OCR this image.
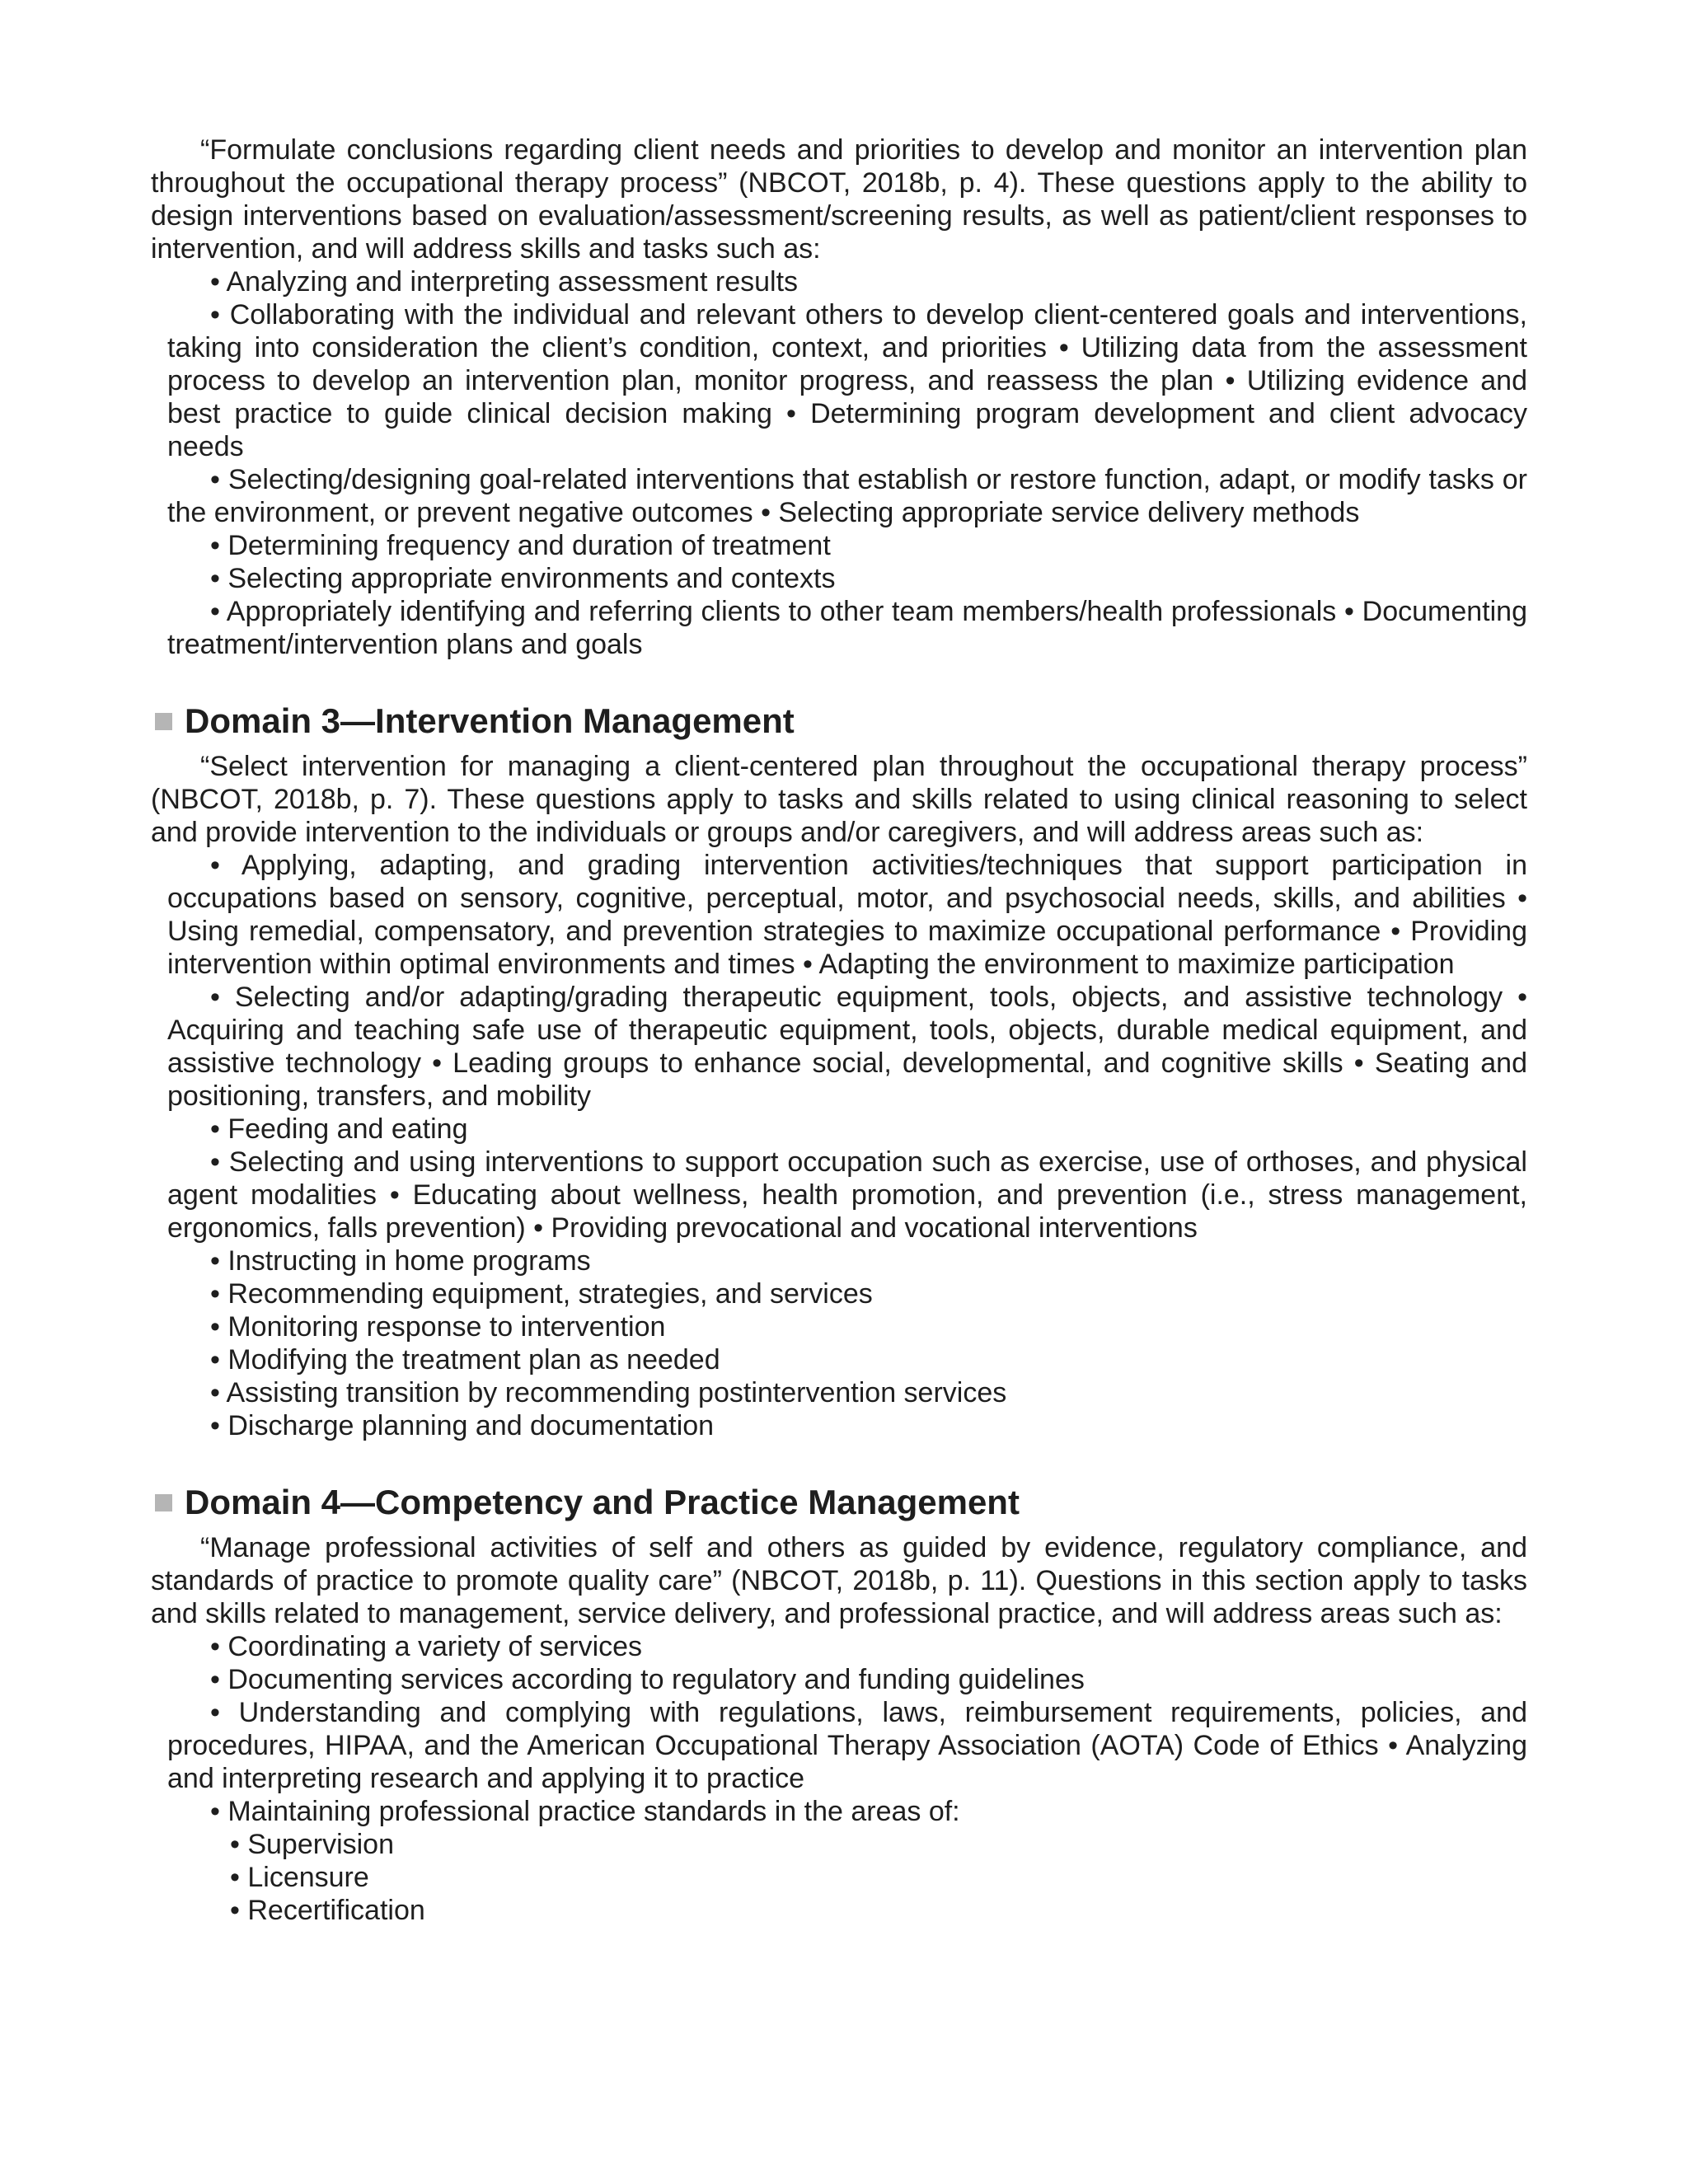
“Formulate conclusions regarding client needs and priorities to develop and monitor an intervention plan throughout the occupational therapy process” (NBCOT, 2018b, p. 4). These questions apply to the ability to design interventions based on evaluation/assessment/screening results, as well as patient/client responses to intervention, and will address skills and tasks such as:

• Analyzing and interpreting assessment results

• Collaborating with the individual and relevant others to develop client-centered goals and interventions, taking into consideration the client’s condition, context, and priorities • Utilizing data from the assessment process to develop an intervention plan, monitor progress, and reassess the plan • Utilizing evidence and best practice to guide clinical decision making • Determining program development and client advocacy needs

• Selecting/designing goal-related interventions that establish or restore function, adapt, or modify tasks or the environment, or prevent negative outcomes • Selecting appropriate service delivery methods

• Determining frequency and duration of treatment

• Selecting appropriate environments and contexts

• Appropriately identifying and referring clients to other team members/health professionals • Documenting treatment/intervention plans and goals

Domain 3—Intervention Management

“Select intervention for managing a client-centered plan throughout the occupational therapy process” (NBCOT, 2018b, p. 7). These questions apply to tasks and skills related to using clinical reasoning to select and provide intervention to the individuals or groups and/or caregivers, and will address areas such as:

• Applying, adapting, and grading intervention activities/techniques that support participation in occupations based on sensory, cognitive, perceptual, motor, and psychosocial needs, skills, and abilities • Using remedial, compensatory, and prevention strategies to maximize occupational performance • Providing intervention within optimal environments and times • Adapting the environment to maximize participation

• Selecting and/or adapting/grading therapeutic equipment, tools, objects, and assistive technology • Acquiring and teaching safe use of therapeutic equipment, tools, objects, durable medical equipment, and assistive technology • Leading groups to enhance social, developmental, and cognitive skills • Seating and positioning, transfers, and mobility

• Feeding and eating

• Selecting and using interventions to support occupation such as exercise, use of orthoses, and physical agent modalities • Educating about wellness, health promotion, and prevention (i.e., stress management, ergonomics, falls prevention) • Providing prevocational and vocational interventions

• Instructing in home programs

• Recommending equipment, strategies, and services

• Monitoring response to intervention

• Modifying the treatment plan as needed

• Assisting transition by recommending postintervention services

• Discharge planning and documentation

Domain 4—Competency and Practice Management

“Manage professional activities of self and others as guided by evidence, regulatory compliance, and standards of practice to promote quality care” (NBCOT, 2018b, p. 11). Questions in this section apply to tasks and skills related to management, service delivery, and professional practice, and will address areas such as:

• Coordinating a variety of services

• Documenting services according to regulatory and funding guidelines

• Understanding and complying with regulations, laws, reimbursement requirements, policies, and procedures, HIPAA, and the American Occupational Therapy Association (AOTA) Code of Ethics • Analyzing and interpreting research and applying it to practice

• Maintaining professional practice standards in the areas of:

• Supervision

• Licensure

• Recertification
